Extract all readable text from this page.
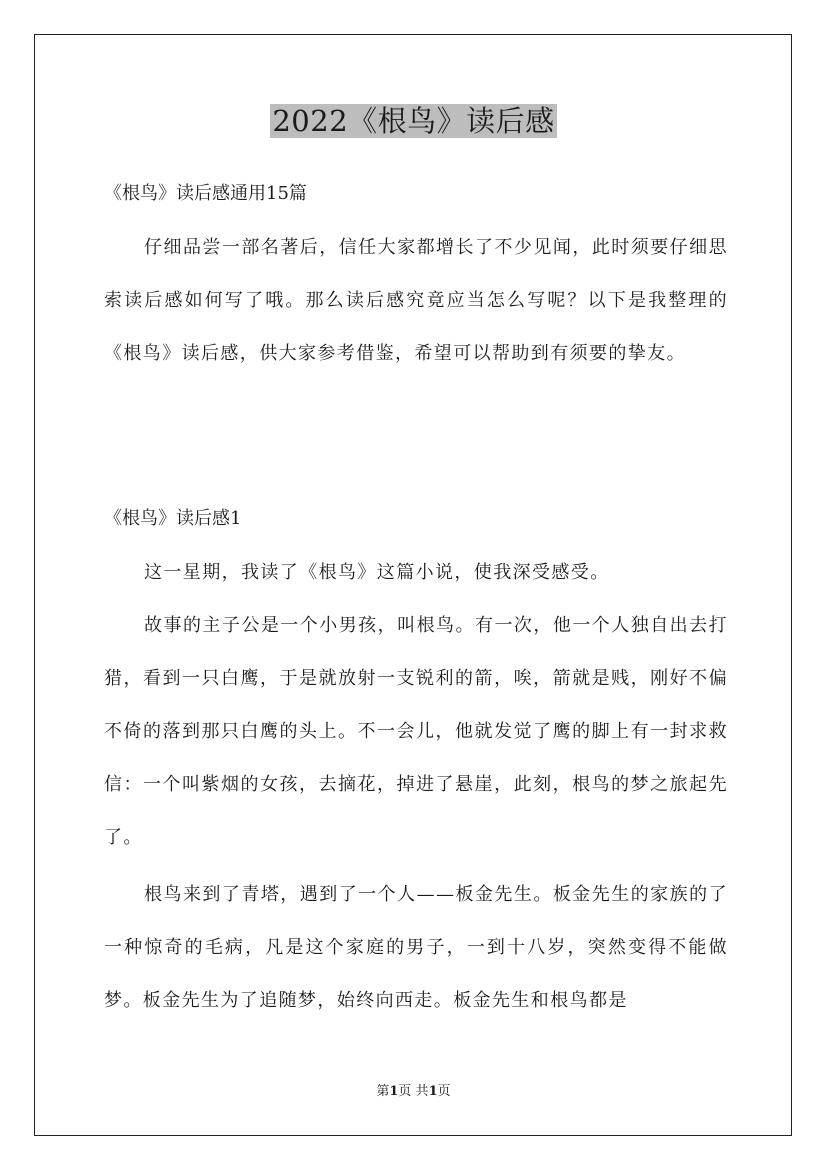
2022《根鸟》读后感
《根鸟》读后感通用15篇

仔细品尝一部名著后，信任大家都增长了不少见闻，此时须要仔细思索读后感如何写了哦。那么读后感究竟应当怎么写呢？以下是我整理的《根鸟》读后感，供大家参考借鉴，希望可以帮助到有须要的挚友。

《根鸟》读后感1

这一星期，我读了《根鸟》这篇小说，使我深受感受。

故事的主子公是一个小男孩，叫根鸟。有一次，他一个人独自出去打猎，看到一只白鹰，于是就放射一支锐利的箭，唉，箭就是贱，刚好不偏不倚的落到那只白鹰的头上。不一会儿，他就发觉了鹰的脚上有一封求救信：一个叫紫烟的女孩，去摘花，掉进了悬崖，此刻，根鸟的梦之旅起先了。

根鸟来到了青塔，遇到了一个人——板金先生。板金先生的家族的了一种惊奇的毛病，凡是这个家庭的男子，一到十八岁，突然变得不能做梦。板金先生为了追随梦，始终向西走。板金先生和根鸟都是

第1页 共1页
